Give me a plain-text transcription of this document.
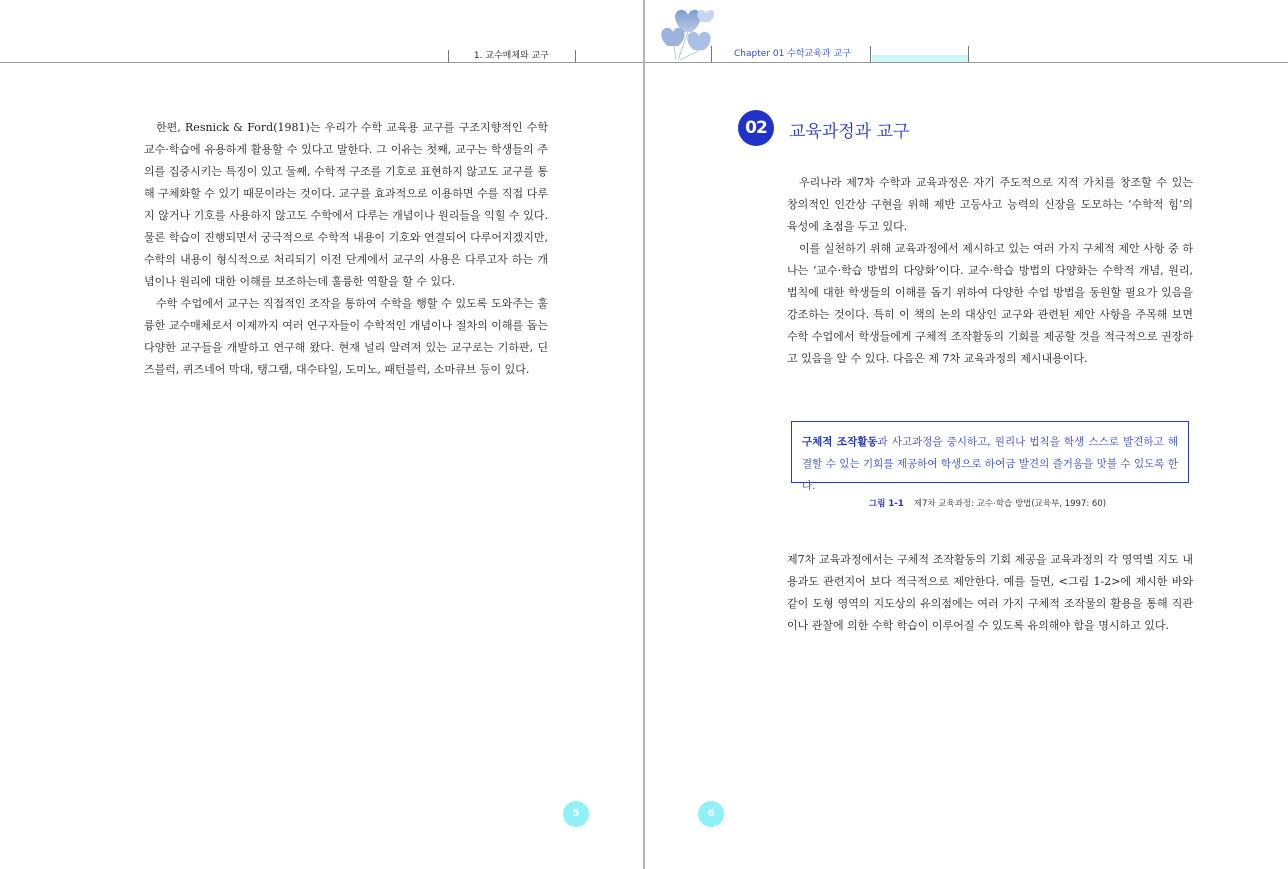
1. 교수매체와 교구	Chapter 01 수학교육과 교구

한편, Resnick & Ford(1981)는 우리가 수학 교육용 교구를 구조지향적인 수학 교수·학습에 유용하게 활용할 수 있다고 말한다. 그 이유는 첫째, 교구는 학생들의 주의를 집중시키는 특징이 있고 둘째, 수학적 구조를 기호로 표현하지 않고도 교구를 통해 구체화할 수 있기 때문이라는 것이다. 교구를 효과적으로 이용하면 수를 직접 다루지 않거나 기호를 사용하지 않고도 수학에서 다루는 개념이나 원리들을 익힐 수 있다. 물론 학습이 진행되면서 궁극적으로 수학적 내용이 기호와 연결되어 다루어지겠지만, 수학의 내용이 형식적으로 처리되기 이전 단계에서 교구의 사용은 다루고자 하는 개념이나 원리에 대한 이해를 보조하는데 훌륭한 역할을 할 수 있다.

수학 수업에서 교구는 직접적인 조작을 통하여 수학을 행할 수 있도록 도와주는 훌륭한 교수매체로서 이제까지 여러 연구자들이 수학적인 개념이나 절차의 이해를 돕는 다양한 교구들을 개발하고 연구해 왔다. 현재 널리 알려져 있는 교구로는 기하판, 딘즈블럭, 퀴즈네어 막대, 탱그램, 대수타일, 도미노, 패턴블럭, 소마큐브 등이 있다.

5
02	교육과정과 교구

우리나라 제7차 수학과 교육과정은 자기 주도적으로 지적 가치를 창조할 수 있는 창의적인 인간상 구현을 위해 제반 고등사고 능력의 신장을 도모하는 ‘수학적 힘’의 육성에 초점을 두고 있다.

이를 실천하기 위해 교육과정에서 제시하고 있는 여러 가지 구체적 제안 사항 중 하나는 ‘교수·학습 방법의 다양화’이다. 교수·학습 방법의 다양화는 수학적 개념, 원리, 법칙에 대한 학생들의 이해를 돕기 위하여 다양한 수업 방법을 동원할 필요가 있음을 강조하는 것이다. 특히 이 책의 논의 대상인 교구와 관련된 제안 사항을 주목해 보면 수학 수업에서 학생들에게 구체적 조작활동의 기회를 제공할 것을 적극적으로 권장하고 있음을 알 수 있다. 다음은 제 7차 교육과정의 제시내용이다.

구체적 조작활동과 사고과정을 중시하고, 원리나 법칙을 학생 스스로 발견하고 해결할 수 있는 기회를 제공하여 학생으로 하여금 발견의 즐거움을 맛볼 수 있도록 한다.
그림 1-1 제7차 교육과정: 교수·학습 방법(교육부, 1997: 60)

제7차 교육과정에서는 구체적 조작활동의 기회 제공을 교육과정의 각 영역별 지도 내용과도 관련지어 보다 적극적으로 제안한다. 예를 들면, <그림 1-2>에 제시한 바와 같이 도형 영역의 지도상의 유의점에는 여러 가지 구체적 조작물의 활용을 통해 직관이나 관찰에 의한 수학 학습이 이루어질 수 있도록 유의해야 함을 명시하고 있다.

6
